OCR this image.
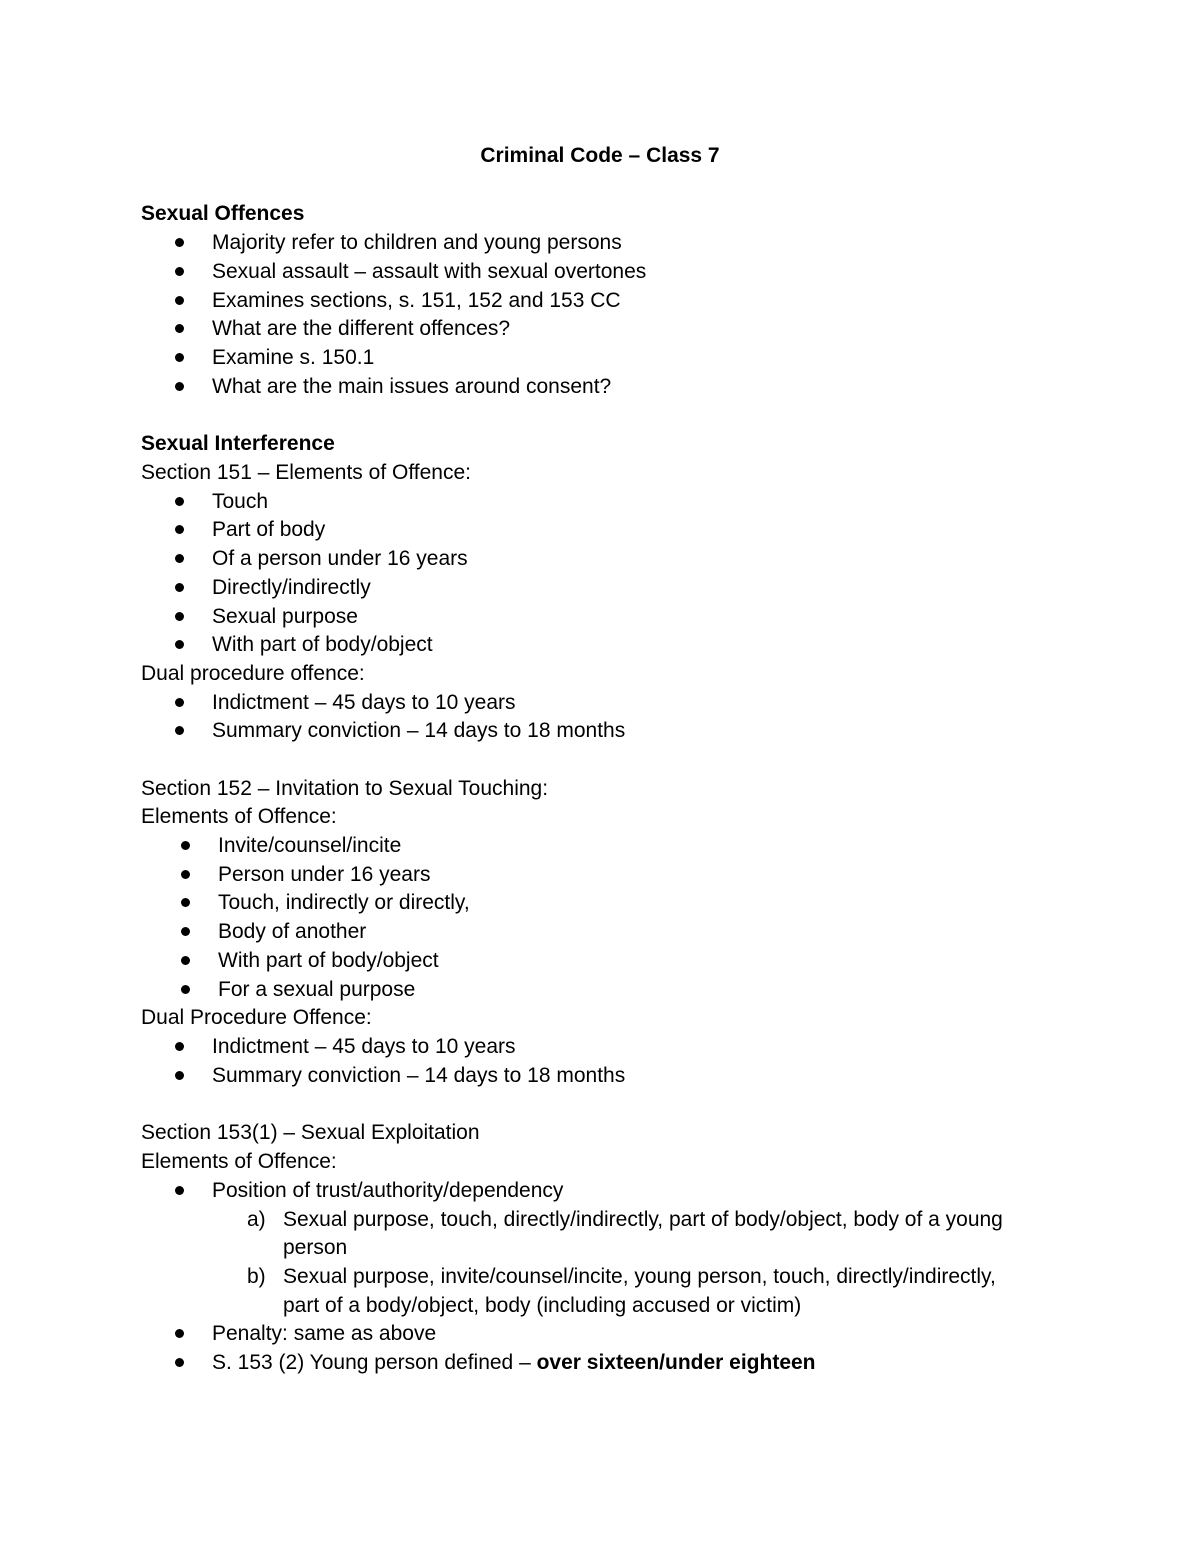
Criminal Code – Class 7
Sexual Offences
Majority refer to children and young persons
Sexual assault – assault with sexual overtones
Examines sections, s. 151, 152 and 153 CC
What are the different offences?
Examine s. 150.1
What are the main issues around consent?
Sexual Interference
Section 151 – Elements of Offence:
Touch
Part of body
Of a person under 16 years
Directly/indirectly
Sexual purpose
With part of body/object
Dual procedure offence:
Indictment – 45 days to 10 years
Summary conviction – 14 days to 18 months
Section 152 – Invitation to Sexual Touching:
Elements of Offence:
Invite/counsel/incite
Person under 16 years
Touch, indirectly or directly,
Body of another
With part of body/object
For a sexual purpose
Dual Procedure Offence:
Indictment – 45 days to 10 years
Summary conviction – 14 days to 18 months
Section 153(1) – Sexual Exploitation
Elements of Offence:
Position of trust/authority/dependency
a) Sexual purpose, touch, directly/indirectly, part of body/object, body of a young
person
b) Sexual purpose, invite/counsel/incite, young person, touch, directly/indirectly,
part of a body/object, body (including accused or victim)
Penalty: same as above
S. 153 (2) Young person defined – over sixteen/under eighteen
